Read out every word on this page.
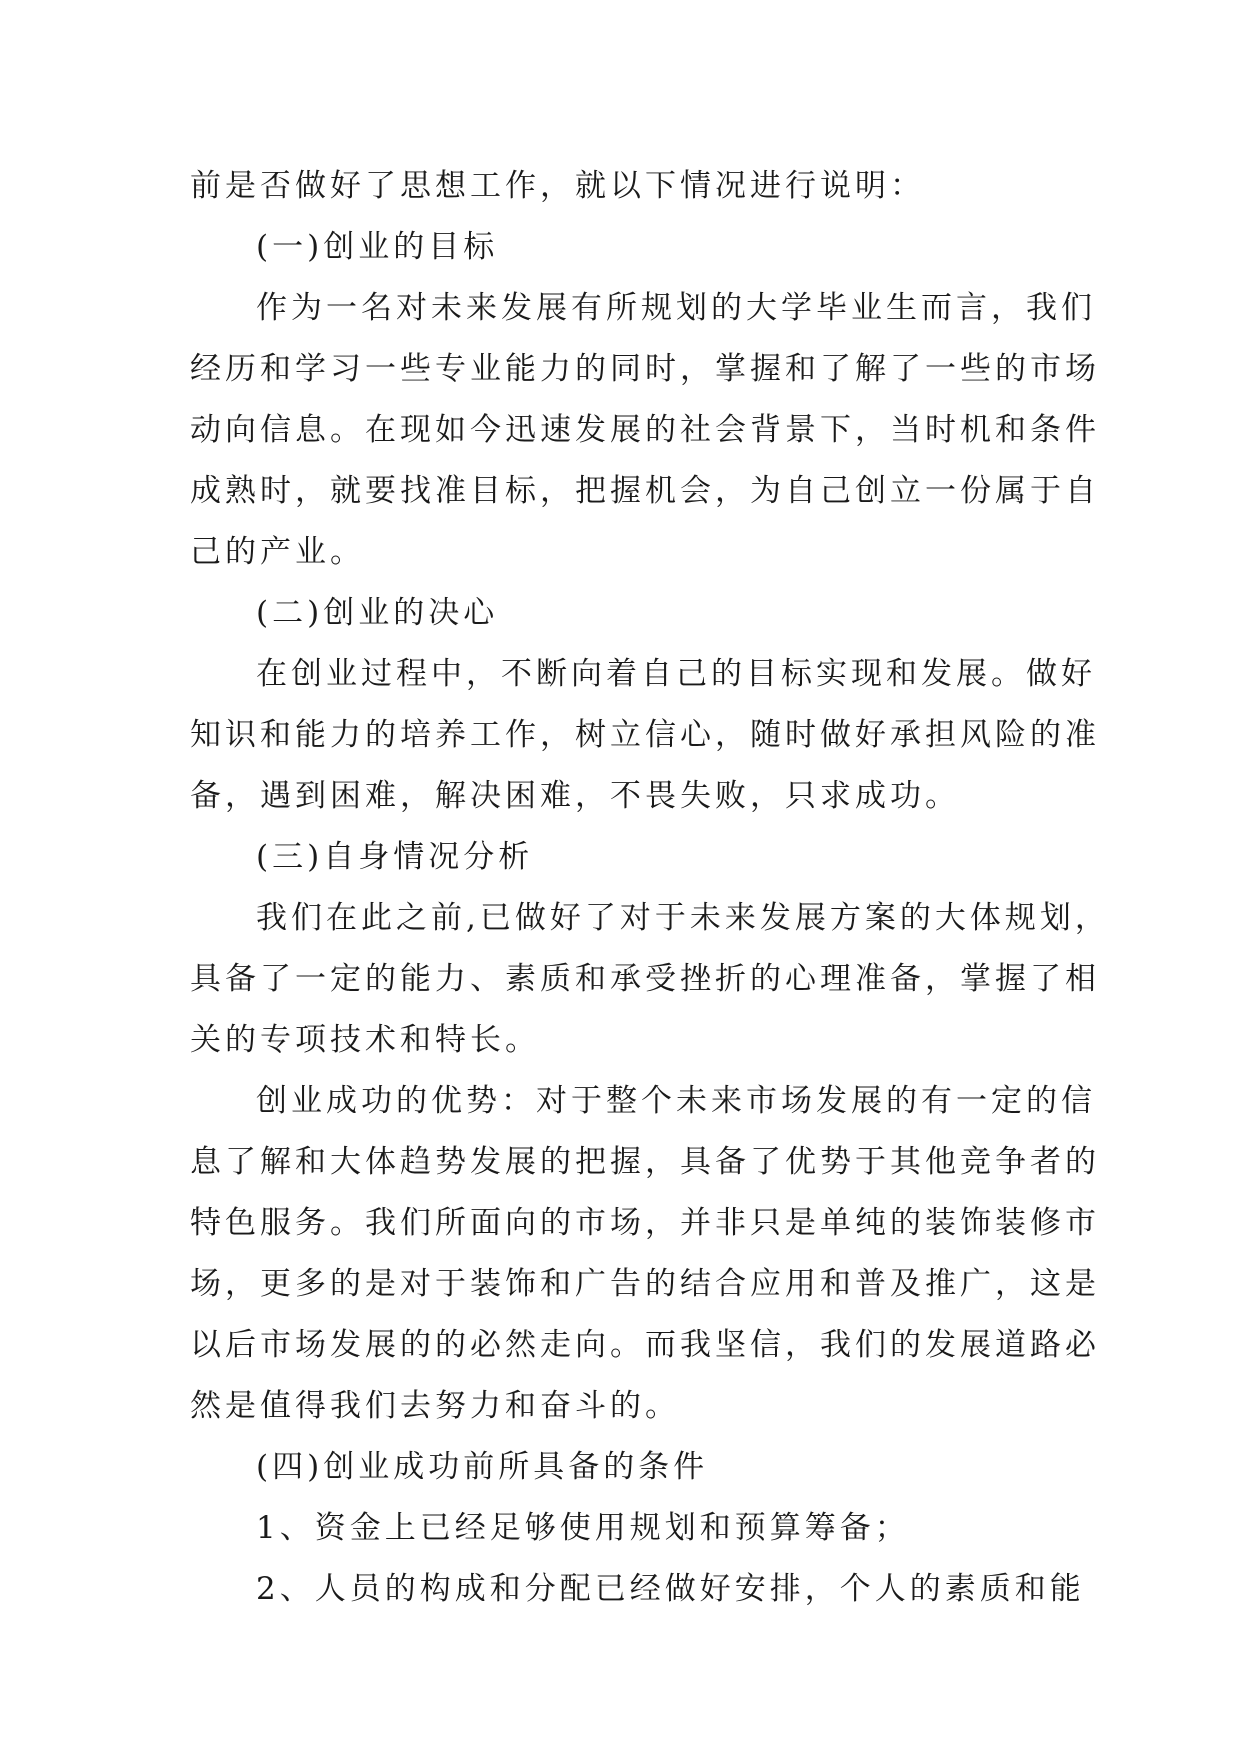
前是否做好了思想工作，就以下情况进行说明：
(一)创业的目标
作为一名对未来发展有所规划的大学毕业生而言，我们
经历和学习一些专业能力的同时，掌握和了解了一些的市场
动向信息。在现如今迅速发展的社会背景下，当时机和条件
成熟时，就要找准目标，把握机会，为自己创立一份属于自
己的产业。
(二)创业的决心
在创业过程中，不断向着自己的目标实现和发展。做好
知识和能力的培养工作，树立信心，随时做好承担风险的准
备，遇到困难，解决困难，不畏失败，只求成功。
(三)自身情况分析
我们在此之前,已做好了对于未来发展方案的大体规划，
具备了一定的能力、素质和承受挫折的心理准备，掌握了相
关的专项技术和特长。
创业成功的优势：对于整个未来市场发展的有一定的信
息了解和大体趋势发展的把握，具备了优势于其他竞争者的
特色服务。我们所面向的市场，并非只是单纯的装饰装修市
场，更多的是对于装饰和广告的结合应用和普及推广，这是
以后市场发展的的必然走向。而我坚信，我们的发展道路必
然是值得我们去努力和奋斗的。
(四)创业成功前所具备的条件
1、资金上已经足够使用规划和预算筹备；
2、人员的构成和分配已经做好安排，个人的素质和能
